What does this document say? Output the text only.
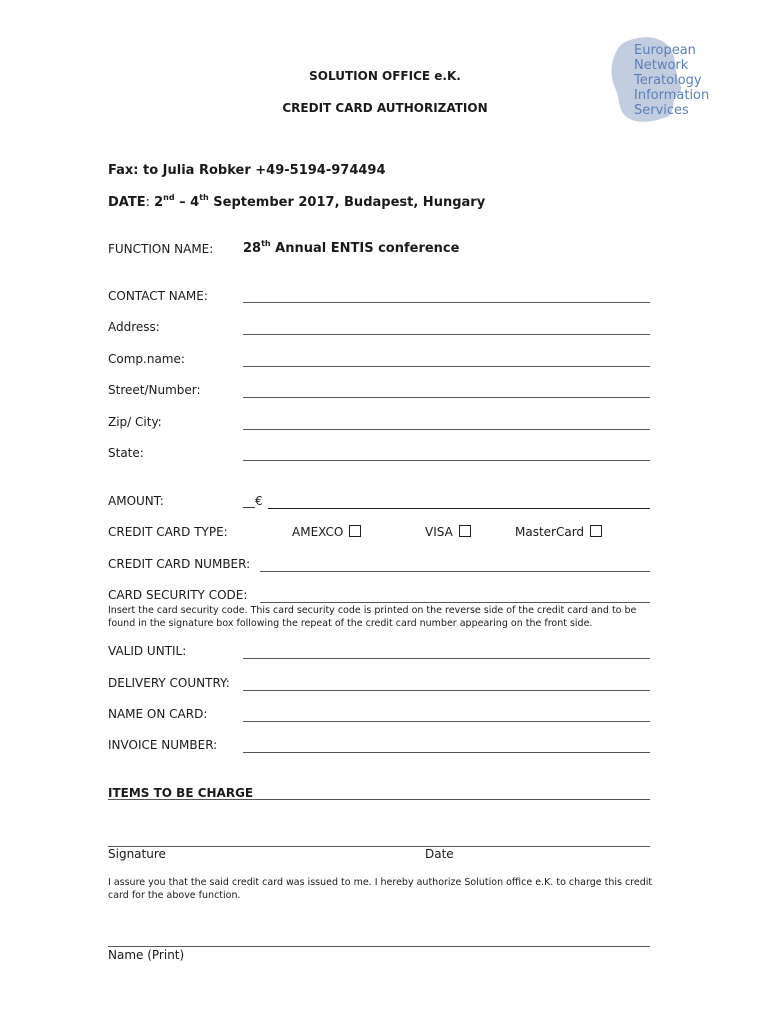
European
Network
Teratology
Information
Services
SOLUTION OFFICE e.K.
CREDIT CARD AUTHORIZATION
Fax: to Julia Robker +49-5194-974494
DATE: 2nd – 4th September 2017, Budapest, Hungary
FUNCTION NAME: 28th Annual ENTIS conference
CONTACT NAME:
Address:
Comp.name:
Street/Number:
Zip/ City:
State:
AMOUNT:	__€
CREDIT CARD TYPE:	AMEXCO	VISA	MasterCard
CREDIT CARD NUMBER:
CARD SECURITY CODE:
Insert the card security code. This card security code is printed on the reverse side of the credit card and to be found in the signature box following the repeat of the credit card number appearing on the front side.
VALID UNTIL:
DELIVERY COUNTRY:
NAME ON CARD:
INVOICE NUMBER:
ITEMS TO BE CHARGE
Signature	Date
I assure you that the said credit card was issued to me. I hereby authorize Solution office e.K. to charge this credit card for the above function.
Name (Print)
